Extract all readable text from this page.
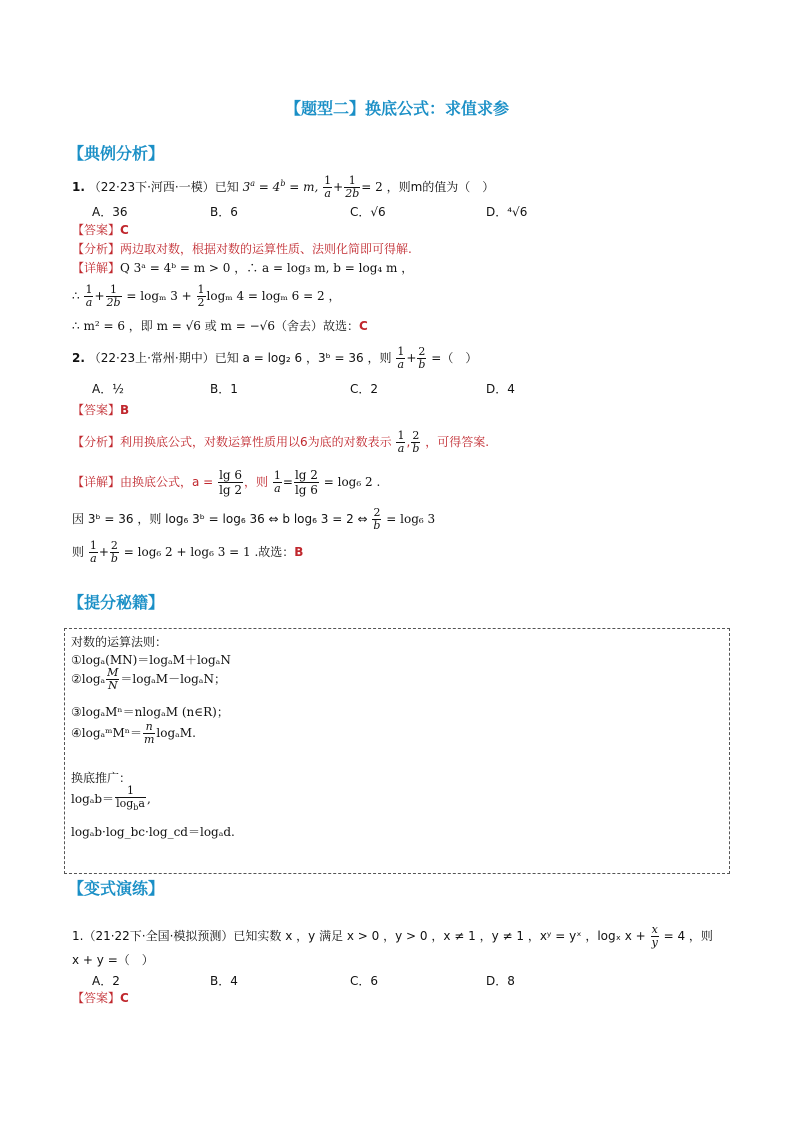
【题型二】换底公式：求值求参
【典例分析】
1. （22·23下·河西·一模）已知 $3^a = 4^b = m$, $\frac{1}{a} + \frac{1}{2b} = 2$ ，则m的值为（　）
A．36	B．6	C．√6	D．⁴√6
【答案】C
【分析】两边取对数，根据对数的运算性质、法则化简即可得解.
【详解】Q 3ᵃ = 4ᵇ = m > 0 ，∴ a = log₃ m, b = log₄ m ，
∴ $\frac{1}{a} + \frac{1}{2b} = \log_m$ $3 + \frac{1}{2}$ logₘ 4 = logₘ 6 = 2 ，
∴ m² = 6 ，即 m = √6 或 m = −√6（舍去）故选：C
2. （22·23上·常州·期中）已知 a = log₂ 6 ，3ᵇ = 36 ，则 $\frac{1}{a} + \frac{2}{b}$ =（　）
A．½	B．1	C．2	D．4
【答案】B
【分析】利用换底公式，对数运算性质用以6为底的对数表示 $\frac{1}{a}$ , $\frac{2}{b}$ ，可得答案.
【详解】由换底公式，$a = \frac{\lg 6}{\lg 2}$ ，则 $\frac{1}{a} = \frac{\lg 2}{\lg 6} = \log_6$ 2 .
因 3ᵇ = 36 ，则 log₆ 3ᵇ = log₆ 36 ⇔ b log₆ 3 = 2 ⇔ $\frac{2}{b} = \log_6$ 3
则 $\frac{1}{a} + \frac{2}{b} = \log_6$ 2 + log₆ 3 = 1 .故选：B
【提分秘籍】
对数的运算法则：
①logₐ(MN)＝logₐM＋logₐN
②logₐ $\frac{M}{N} =\log_aM-\log_aN$；
③logₐMⁿ＝nlogₐM (n∈R)；
④logₐᵐMⁿ＝ $\frac{n}{m} \log_aM$.
换底推广：
$\log_ab= \frac{1}{\log_ba}$ ,
logₐb·log_bc·log_cd＝logₐd.
【变式演练】
1.（21·22下·全国·模拟预测）已知实数 x ，y 满足 x > 0 ，y > 0 ，x ≠ 1 ，y ≠ 1 ，xʸ = yˣ ，logₓ $x + \frac{x}{y} = 4$ ，则
x + y =（　）
A．2	B．4	C．6	D．8
【答案】C
